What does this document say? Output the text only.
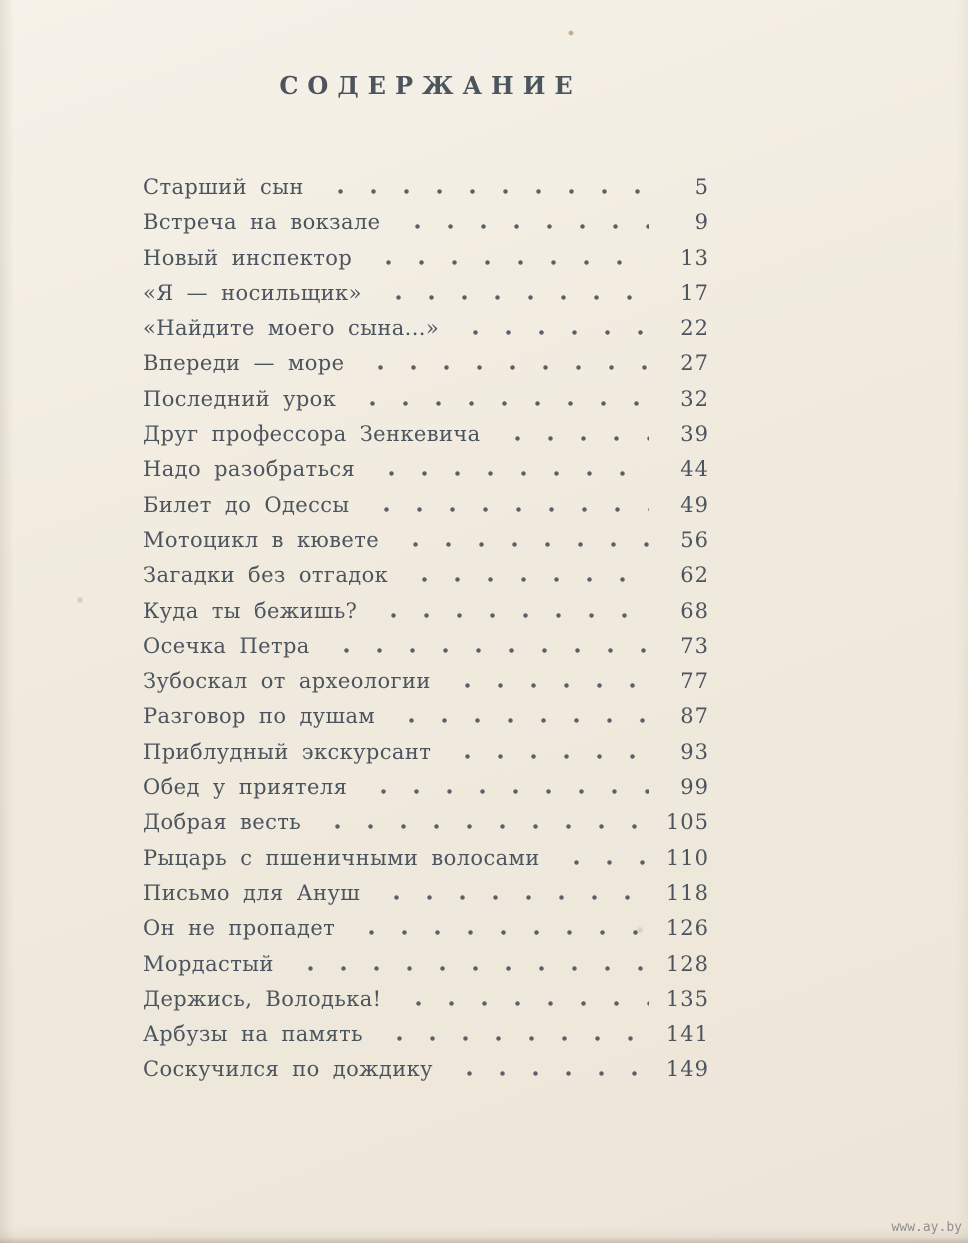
СОДЕРЖАНИЕ
Старший сын	5
Встреча на вокзале	9
Новый инспектор	13
«Я — носильщик»	17
«Найдите моего сына...»	22
Впереди — море	27
Последний урок	32
Друг профессора Зенкевича	39
Надо разобраться	44
Билет до Одессы	49
Мотоцикл в кювете	56
Загадки без отгадок	62
Куда ты бежишь?	68
Осечка Петра	73
Зубоскал от археологии	77
Разговор по душам	87
Приблудный экскурсант	93
Обед у приятеля	99
Добрая весть	105
Рыцарь с пшеничными волосами	110
Письмо для Ануш	118
Он не пропадет	126
Мордастый	128
Держись, Володька!	135
Арбузы на память	141
Соскучился по дождику	149
www.ay.by
